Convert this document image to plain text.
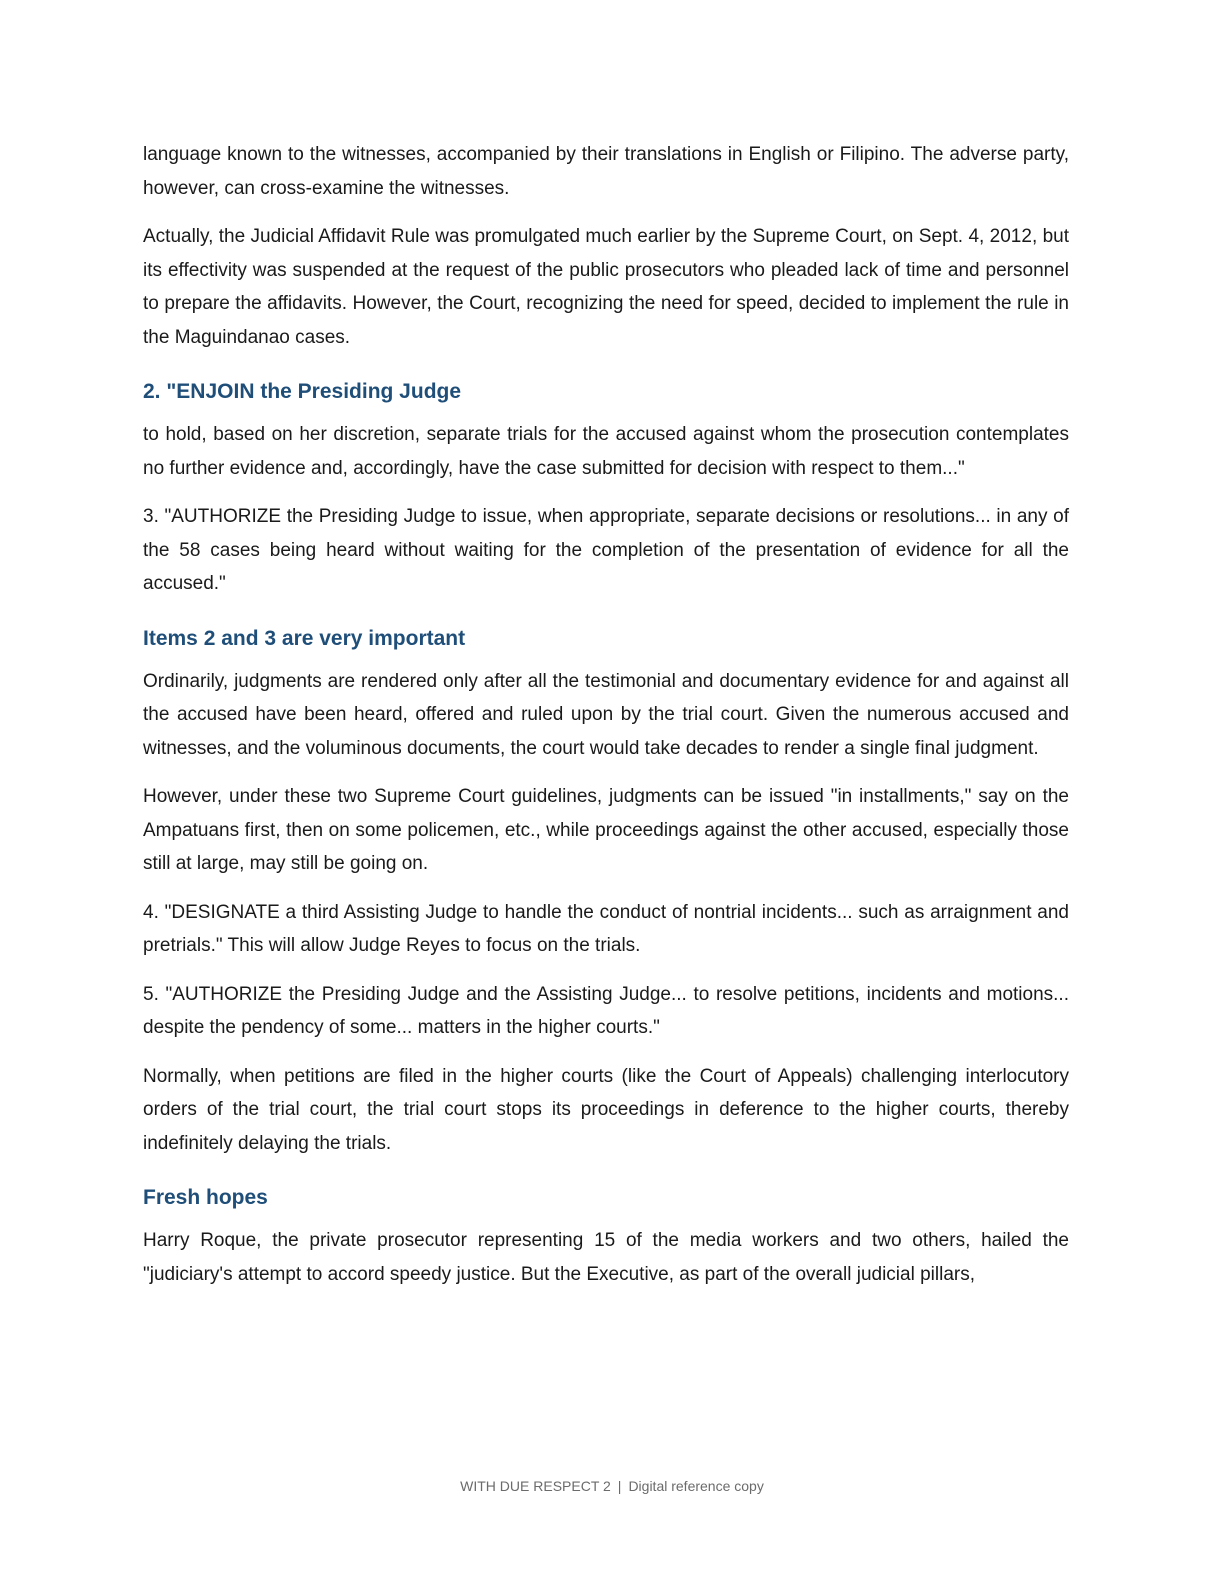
language known to the witnesses, accompanied by their translations in English or Filipino. The adverse party, however, can cross-examine the witnesses.

Actually, the Judicial Affidavit Rule was promulgated much earlier by the Supreme Court, on Sept. 4, 2012, but its effectivity was suspended at the request of the public prosecutors who pleaded lack of time and personnel to prepare the affidavits. However, the Court, recognizing the need for speed, decided to implement the rule in the Maguindanao cases.

2. "ENJOIN the Presiding Judge

to hold, based on her discretion, separate trials for the accused against whom the prosecution contemplates no further evidence and, accordingly, have the case submitted for decision with respect to them..."

3. "AUTHORIZE the Presiding Judge to issue, when appropriate, separate decisions or resolutions... in any of the 58 cases being heard without waiting for the completion of the presentation of evidence for all the accused."

Items 2 and 3 are very important

Ordinarily, judgments are rendered only after all the testimonial and documentary evidence for and against all the accused have been heard, offered and ruled upon by the trial court. Given the numerous accused and witnesses, and the voluminous documents, the court would take decades to render a single final judgment.

However, under these two Supreme Court guidelines, judgments can be issued "in installments," say on the Ampatuans first, then on some policemen, etc., while proceedings against the other accused, especially those still at large, may still be going on.

4. "DESIGNATE a third Assisting Judge to handle the conduct of nontrial incidents... such as arraignment and pretrials." This will allow Judge Reyes to focus on the trials.

5. "AUTHORIZE the Presiding Judge and the Assisting Judge... to resolve petitions, incidents and motions... despite the pendency of some... matters in the higher courts."

Normally, when petitions are filed in the higher courts (like the Court of Appeals) challenging interlocutory orders of the trial court, the trial court stops its proceedings in deference to the higher courts, thereby indefinitely delaying the trials.

Fresh hopes

Harry Roque, the private prosecutor representing 15 of the media workers and two others, hailed the "judiciary's attempt to accord speedy justice. But the Executive, as part of the overall judicial pillars,

WITH DUE RESPECT 2 | Digital reference copy
